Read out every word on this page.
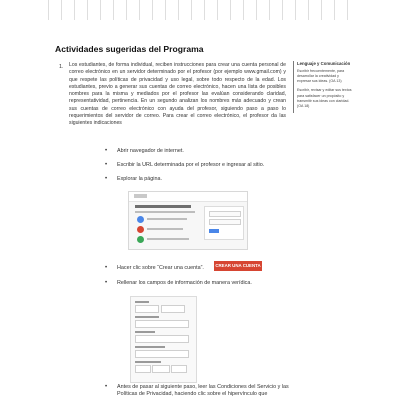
Actividades sugeridas del Programa
1. Los estudiantes, de forma individual, reciben instrucciones para crear una cuenta personal de correo electrónico en un servidor determinado por el profesor (por ejemplo www.gmail.com) y que respete las políticas de privacidad y uso legal, sobre todo respecto de la edad. Los estudiantes, previo a generar sus cuentas de correo electrónico, hacen una lista de posibles nombres para la misma y mediados por el profesor las evalúan considerando claridad, representatividad, pertinencia. En un segundo analizan los nombres más adecuado y crean sus cuentas de correo electrónico con ayuda del profesor, siguiendo paso a paso lo requerimientos del servidor de correo. Para crear el correo electrónico, el profesor da las siguientes indicaciones
Lenguaje y Comunicación
Escribir frecuentemente, para desarrollar la creatividad y expresar sus ideas. (OA 13)
Escribir, revisar y editar sus textos para satisfacer un propósito y transmitir sus ideas con claridad. (OA 18)
• Abrir navegador de internet.
• Escribir la URL determinada por el profesor e ingresar al sitio.
• Explorar la página.
• Hacer clic sobre “Crear una cuenta”.
• Rellenar los campos de información de manera verídica.
• Antes de pasar al siguiente paso, leer las Condiciones del Servicio y las Políticas de Privacidad, haciendo clic sobre el hipervínculo que
CREAR UNA CUENTA
